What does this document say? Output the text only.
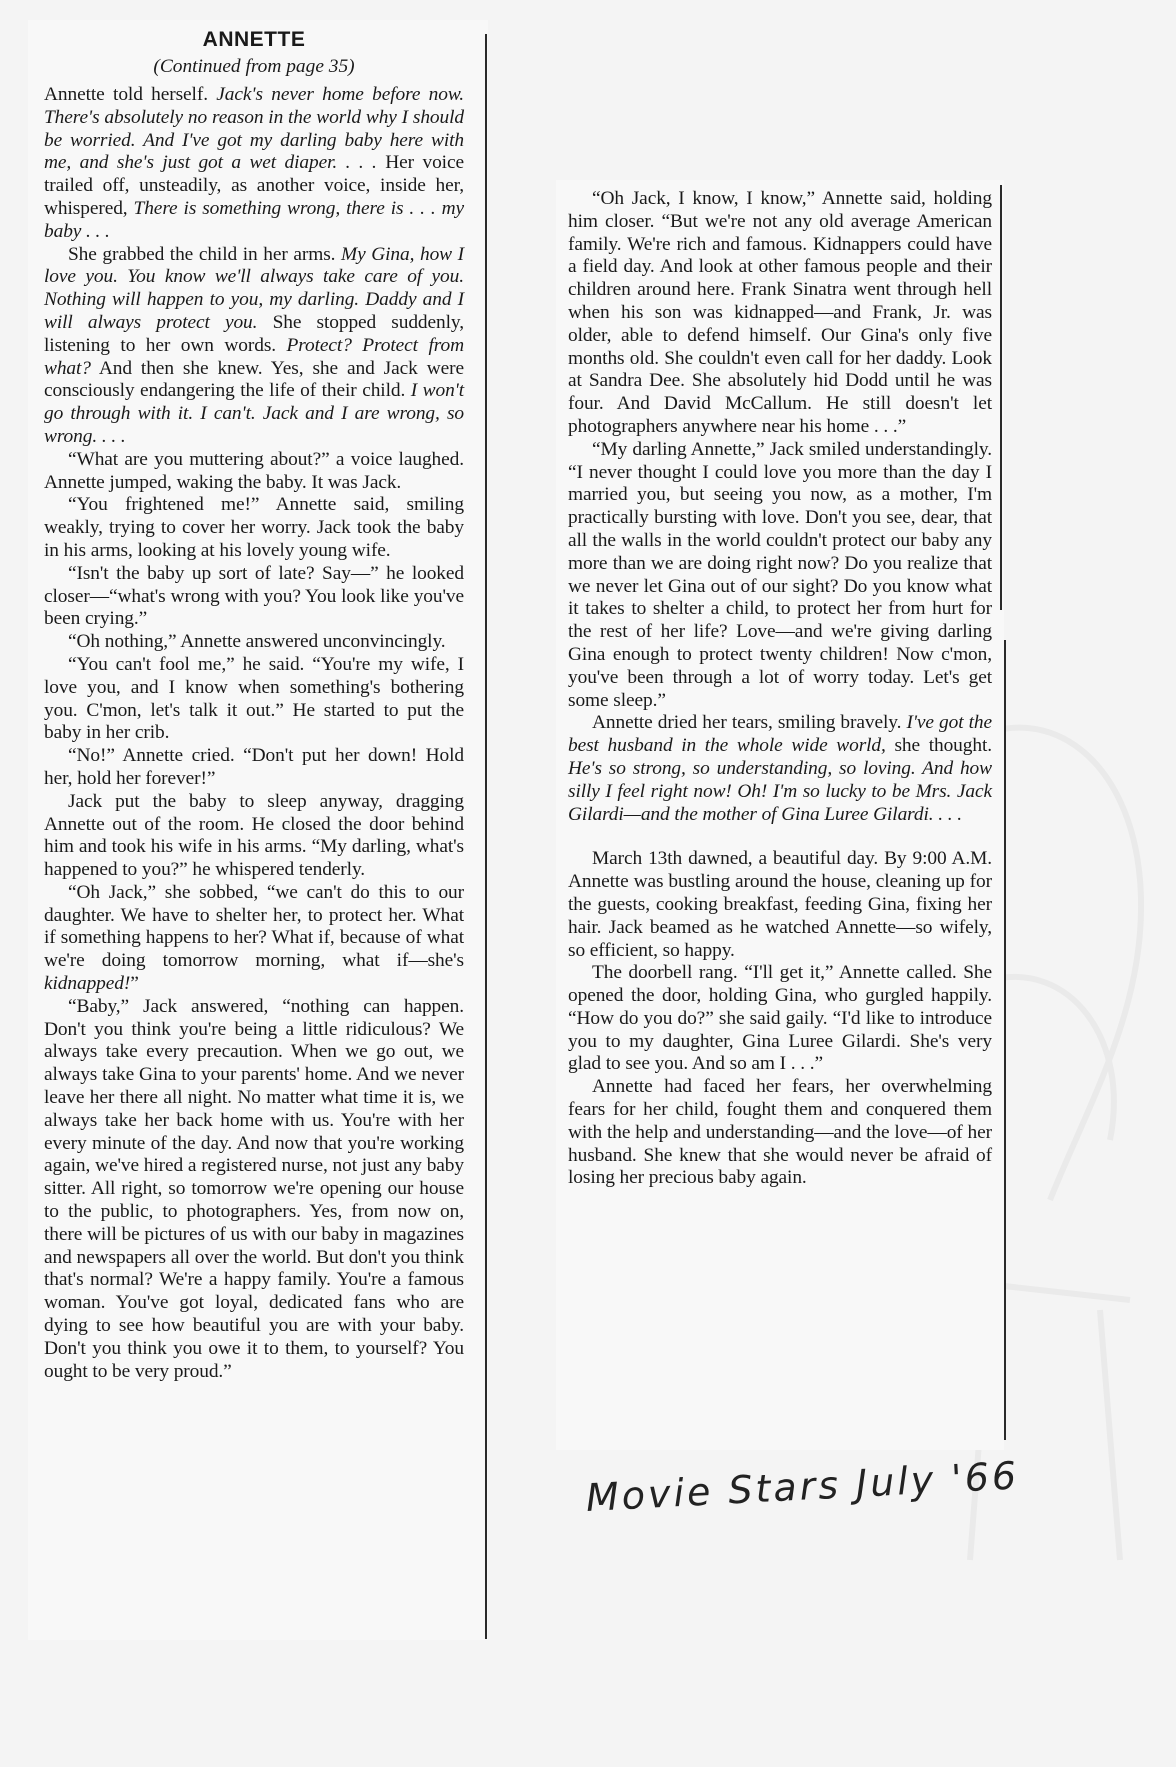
ANNETTE
(Continued from page 35)

Annette told herself. Jack's never home before now. There's absolutely no reason in the world why I should be worried. And I've got my darling baby here with me, and she's just got a wet diaper. . . . Her voice trailed off, unsteadily, as another voice, inside her, whispered, There is something wrong, there is . . . my baby . . .

She grabbed the child in her arms. My Gina, how I love you. You know we'll always take care of you. Nothing will happen to you, my darling. Daddy and I will always protect you. She stopped suddenly, listening to her own words. Protect? Protect from what? And then she knew. Yes, she and Jack were consciously endangering the life of their child. I won't go through with it. I can't. Jack and I are wrong, so wrong. . . .

“What are you muttering about?” a voice laughed. Annette jumped, waking the baby. It was Jack.

“You frightened me!” Annette said, smiling weakly, trying to cover her worry. Jack took the baby in his arms, looking at his lovely young wife.

“Isn't the baby up sort of late? Say—” he looked closer—“what's wrong with you? You look like you've been crying.”

“Oh nothing,” Annette answered unconvincingly.

“You can't fool me,” he said. “You're my wife, I love you, and I know when something's bothering you. C'mon, let's talk it out.” He started to put the baby in her crib.

“No!” Annette cried. “Don't put her down! Hold her, hold her forever!”

Jack put the baby to sleep anyway, dragging Annette out of the room. He closed the door behind him and took his wife in his arms. “My darling, what's happened to you?” he whispered tenderly.

“Oh Jack,” she sobbed, “we can't do this to our daughter. We have to shelter her, to protect her. What if something happens to her? What if, because of what we're doing tomorrow morning, what if—she's kidnapped!”

“Baby,” Jack answered, “nothing can happen. Don't you think you're being a little ridiculous? We always take every precaution. When we go out, we always take Gina to your parents' home. And we never leave her there all night. No matter what time it is, we always take her back home with us. You're with her every minute of the day. And now that you're working again, we've hired a registered nurse, not just any baby sitter. All right, so tomorrow we're opening our house to the public, to photographers. Yes, from now on, there will be pictures of us with our baby in magazines and newspapers all over the world. But don't you think that's normal? We're a happy family. You're a famous woman. You've got loyal, dedicated fans who are dying to see how beautiful you are with your baby. Don't you think you owe it to them, to yourself? You ought to be very proud.”

“Oh Jack, I know, I know,” Annette said, holding him closer. “But we're not any old average American family. We're rich and famous. Kidnappers could have a field day. And look at other famous people and their children around here. Frank Sinatra went through hell when his son was kidnapped—and Frank, Jr. was older, able to defend himself. Our Gina's only five months old. She couldn't even call for her daddy. Look at Sandra Dee. She absolutely hid Dodd until he was four. And David McCallum. He still doesn't let photographers anywhere near his home . . .”

“My darling Annette,” Jack smiled understandingly. “I never thought I could love you more than the day I married you, but seeing you now, as a mother, I'm practically bursting with love. Don't you see, dear, that all the walls in the world couldn't protect our baby any more than we are doing right now? Do you realize that we never let Gina out of our sight? Do you know what it takes to shelter a child, to protect her from hurt for the rest of her life? Love—and we're giving darling Gina enough to protect twenty children! Now c'mon, you've been through a lot of worry today. Let's get some sleep.”

Annette dried her tears, smiling bravely. I've got the best husband in the whole wide world, she thought. He's so strong, so understanding, so loving. And how silly I feel right now! Oh! I'm so lucky to be Mrs. Jack Gilardi—and the mother of Gina Luree Gilardi. . . .

March 13th dawned, a beautiful day. By 9:00 A.M. Annette was bustling around the house, cleaning up for the guests, cooking breakfast, feeding Gina, fixing her hair. Jack beamed as he watched Annette—so wifely, so efficient, so happy.

The doorbell rang. “I'll get it,” Annette called. She opened the door, holding Gina, who gurgled happily. “How do you do?” she said gaily. “I'd like to introduce you to my daughter, Gina Luree Gilardi. She's very glad to see you. And so am I . . .”

Annette had faced her fears, her overwhelming fears for her child, fought them and conquered them with the help and understanding—and the love—of her husband. She knew that she would never be afraid of losing her precious baby again.

Movie Stars July '66
